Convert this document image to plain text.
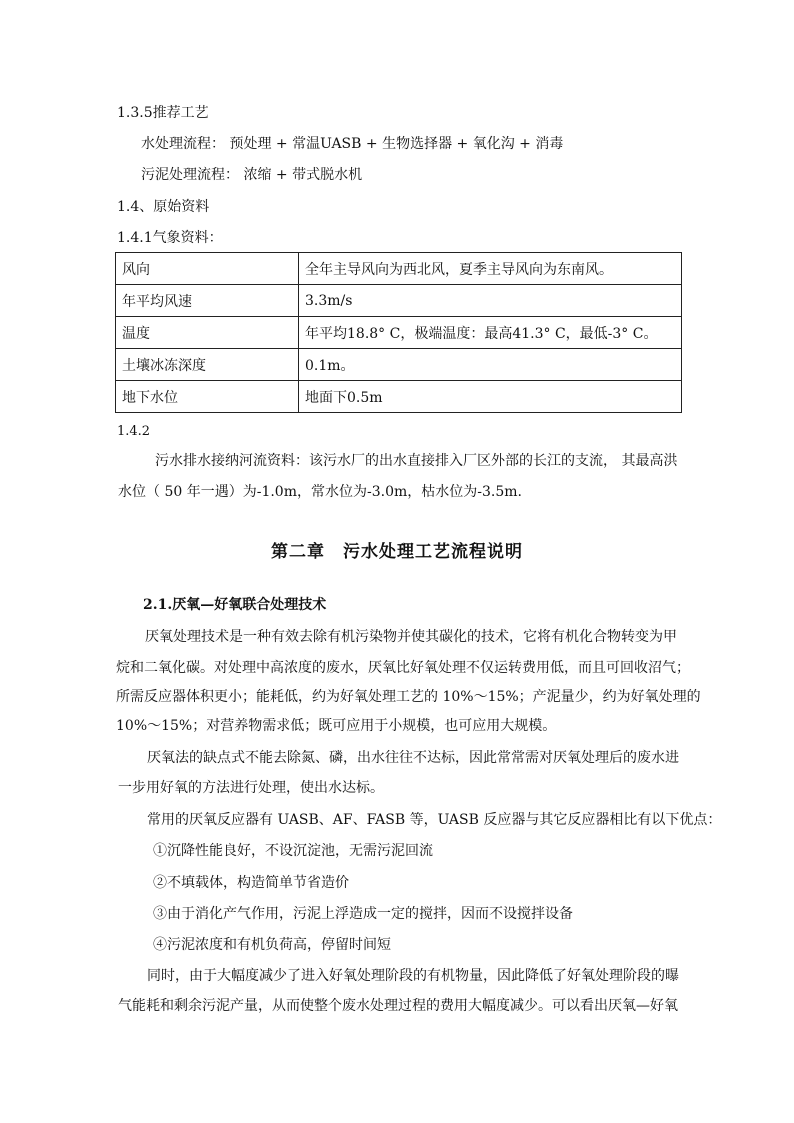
1.3.5推荐工艺
水处理流程： 预处理 + 常温UASB + 生物选择器 + 氧化沟 + 消毒
污泥处理流程： 浓缩 + 带式脱水机
1.4、原始资料
1.4.1气象资料：
风向	全年主导风向为西北风，夏季主导风向为东南风。
年平均风速	3.3m/s
温度	年平均18.8° C，极端温度：最高41.3° C，最低-3° C。
土壤冰冻深度	0.1m。
地下水位	地面下0.5m
1.4.2
污水排水接纳河流资料：该污水厂的出水直接排入厂区外部的长江的支流， 其最高洪
水位（ 50 年一遇）为-1.0m，常水位为-3.0m，枯水位为-3.5m.
第二章　污水处理工艺流程说明
2.1.厌氧—好氧联合处理技术
厌氧处理技术是一种有效去除有机污染物并使其碳化的技术，它将有机化合物转变为甲
烷和二氧化碳。对处理中高浓度的废水，厌氧比好氧处理不仅运转费用低，而且可回收沼气；
所需反应器体积更小；能耗低，约为好氧处理工艺的 10%～15%；产泥量少，约为好氧处理的
10%～15%；对营养物需求低；既可应用于小规模，也可应用大规模。
厌氧法的缺点式不能去除氮、磷，出水往往不达标，因此常常需对厌氧处理后的废水进
一步用好氧的方法进行处理，使出水达标。
常用的厌氧反应器有 UASB、AF、FASB 等，UASB 反应器与其它反应器相比有以下优点：
①沉降性能良好，不设沉淀池，无需污泥回流
②不填载体，构造简单节省造价
③由于消化产气作用，污泥上浮造成一定的搅拌，因而不设搅拌设备
④污泥浓度和有机负荷高，停留时间短
同时，由于大幅度减少了进入好氧处理阶段的有机物量，因此降低了好氧处理阶段的曝
气能耗和剩余污泥产量，从而使整个废水处理过程的费用大幅度减少。可以看出厌氧—好氧
